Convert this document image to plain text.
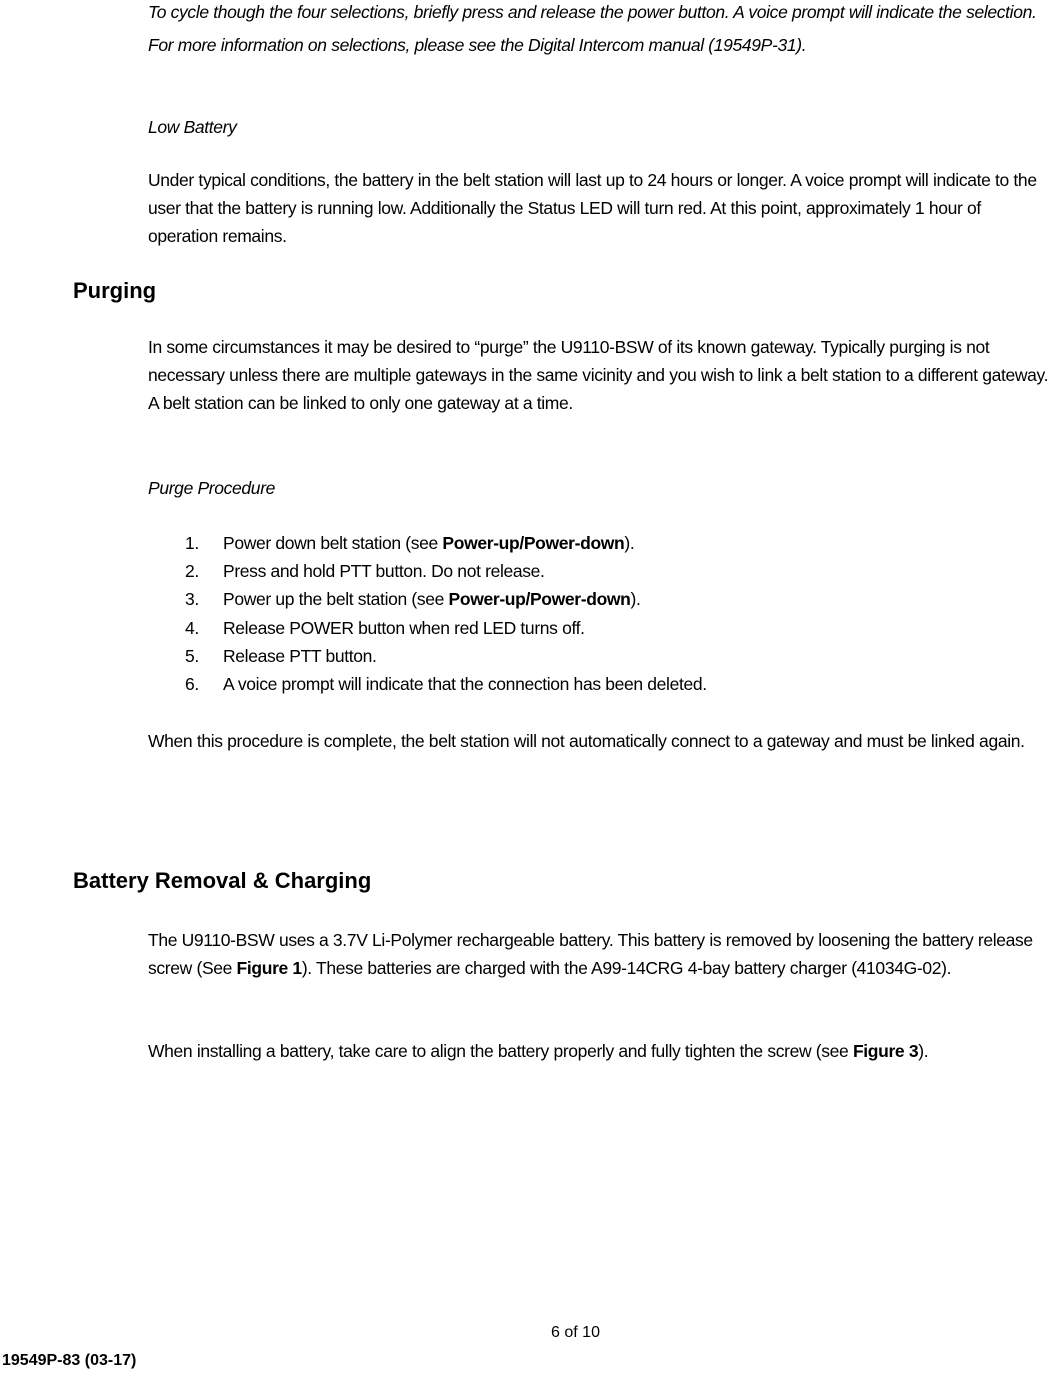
To cycle though the four selections, briefly press and release the power button. A voice prompt will indicate the selection. For more information on selections, please see the Digital Intercom manual (19549P-31).

Low Battery

Under typical conditions, the battery in the belt station will last up to 24 hours or longer. A voice prompt will indicate to the user that the battery is running low. Additionally the Status LED will turn red. At this point, approximately 1 hour of operation remains.

Purging

In some circumstances it may be desired to “purge” the U9110-BSW of its known gateway. Typically purging is not necessary unless there are multiple gateways in the same vicinity and you wish to link a belt station to a different gateway. A belt station can be linked to only one gateway at a time.

Purge Procedure

1. Power down belt station (see Power-up/Power-down).
2. Press and hold PTT button. Do not release.
3. Power up the belt station (see Power-up/Power-down).
4. Release POWER button when red LED turns off.
5. Release PTT button.
6. A voice prompt will indicate that the connection has been deleted.

When this procedure is complete, the belt station will not automatically connect to a gateway and must be linked again.

Battery Removal & Charging

The U9110-BSW uses a 3.7V Li-Polymer rechargeable battery. This battery is removed by loosening the battery release screw (See Figure 1). These batteries are charged with the A99-14CRG 4-bay battery charger (41034G-02).

When installing a battery, take care to align the battery properly and fully tighten the screw (see Figure 3).

6 of 10
19549P-83 (03-17)
